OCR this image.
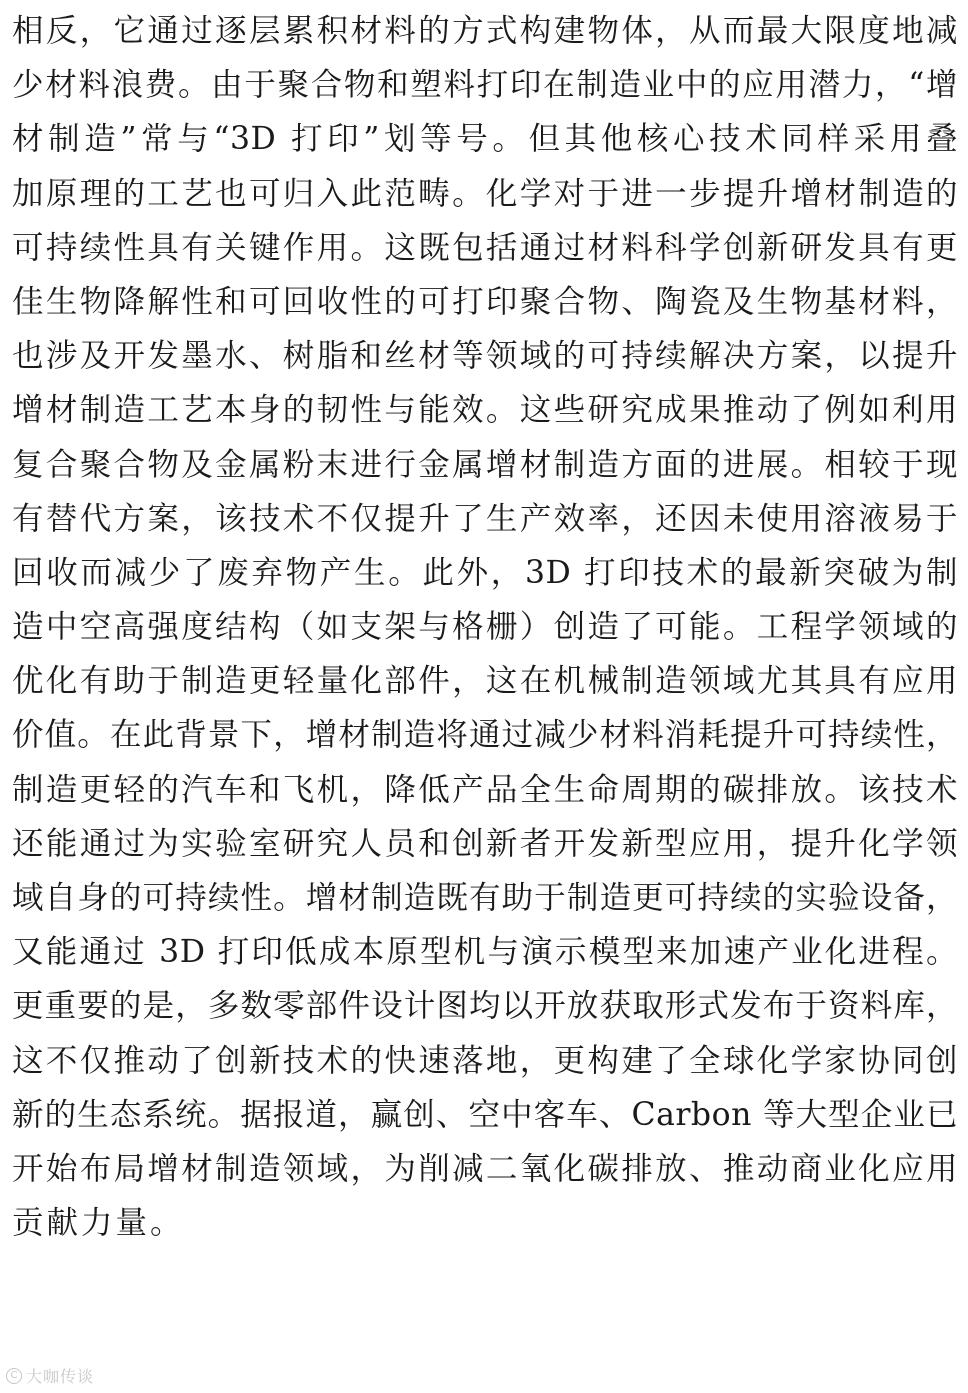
相反，它通过逐层累积材料的方式构建物体，从而最大限度地减
少材料浪费。由于聚合物和塑料打印在制造业中的应用潜力，“增
材制造”常与“3D 打印”划等号。但其他核心技术同样采用叠
加原理的工艺也可归入此范畴。化学对于进一步提升增材制造的
可持续性具有关键作用。这既包括通过材料科学创新研发具有更
佳生物降解性和可回收性的可打印聚合物、陶瓷及生物基材料，
也涉及开发墨水、树脂和丝材等领域的可持续解决方案，以提升
增材制造工艺本身的韧性与能效。这些研究成果推动了例如利用
复合聚合物及金属粉末进行金属增材制造方面的进展。相较于现
有替代方案，该技术不仅提升了生产效率，还因未使用溶液易于
回收而减少了废弃物产生。此外，3D 打印技术的最新突破为制
造中空高强度结构（如支架与格栅）创造了可能。工程学领域的
优化有助于制造更轻量化部件，这在机械制造领域尤其具有应用
价值。在此背景下，增材制造将通过减少材料消耗提升可持续性，
制造更轻的汽车和飞机，降低产品全生命周期的碳排放。该技术
还能通过为实验室研究人员和创新者开发新型应用，提升化学领
域自身的可持续性。增材制造既有助于制造更可持续的实验设备，
又能通过 3D 打印低成本原型机与演示模型来加速产业化进程。
更重要的是，多数零部件设计图均以开放获取形式发布于资料库，
这不仅推动了创新技术的快速落地，更构建了全球化学家协同创
新的生态系统。据报道，赢创、空中客车、Carbon 等大型企业已
开始布局增材制造领域，为削减二氧化碳排放、推动商业化应用
贡献力量。
C 大咖传谈
